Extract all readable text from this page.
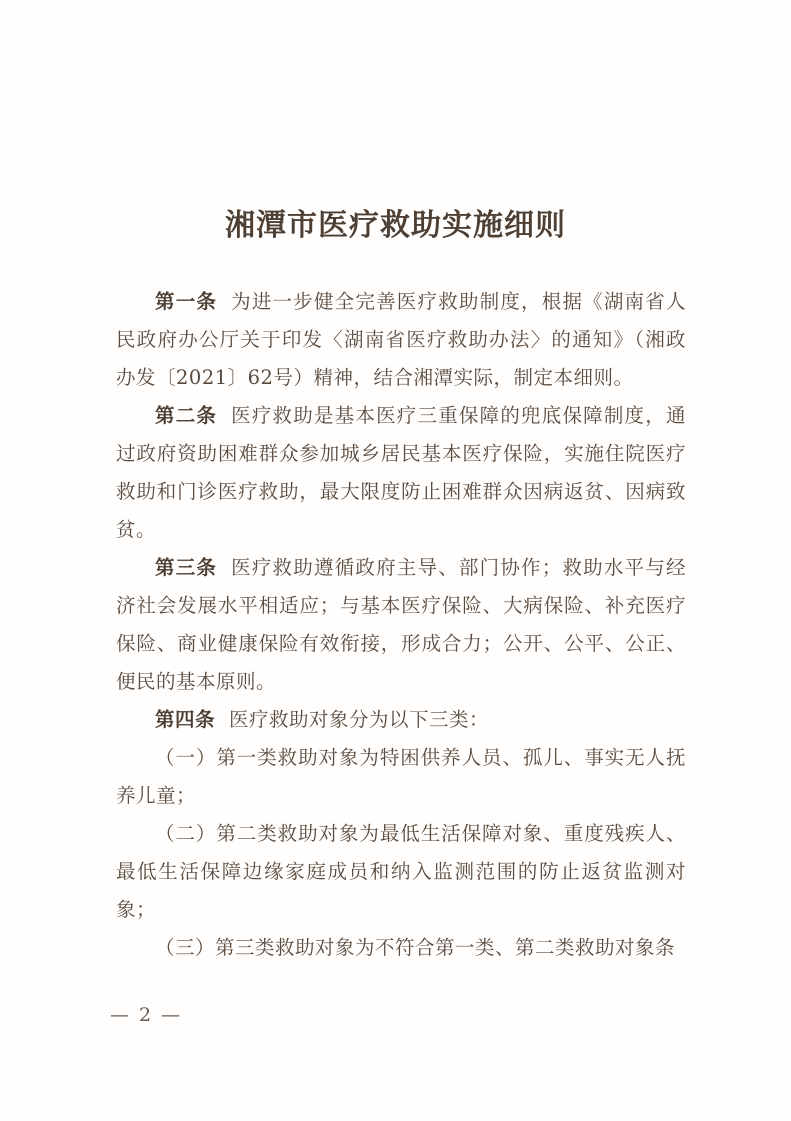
湘潭市医疗救助实施细则

第一条 为进一步健全完善医疗救助制度，根据《湖南省人民政府办公厅关于印发〈湖南省医疗救助办法〉的通知》（湘政办发〔2021〕62号）精神，结合湘潭实际，制定本细则。

第二条 医疗救助是基本医疗三重保障的兜底保障制度，通过政府资助困难群众参加城乡居民基本医疗保险，实施住院医疗救助和门诊医疗救助，最大限度防止困难群众因病返贫、因病致贫。

第三条 医疗救助遵循政府主导、部门协作；救助水平与经济社会发展水平相适应；与基本医疗保险、大病保险、补充医疗保险、商业健康保险有效衔接，形成合力；公开、公平、公正、便民的基本原则。

第四条 医疗救助对象分为以下三类：

（一）第一类救助对象为特困供养人员、孤儿、事实无人抚养儿童；

（二）第二类救助对象为最低生活保障对象、重度残疾人、最低生活保障边缘家庭成员和纳入监测范围的防止返贫监测对象；

（三）第三类救助对象为不符合第一类、第二类救助对象条

— 2 —
